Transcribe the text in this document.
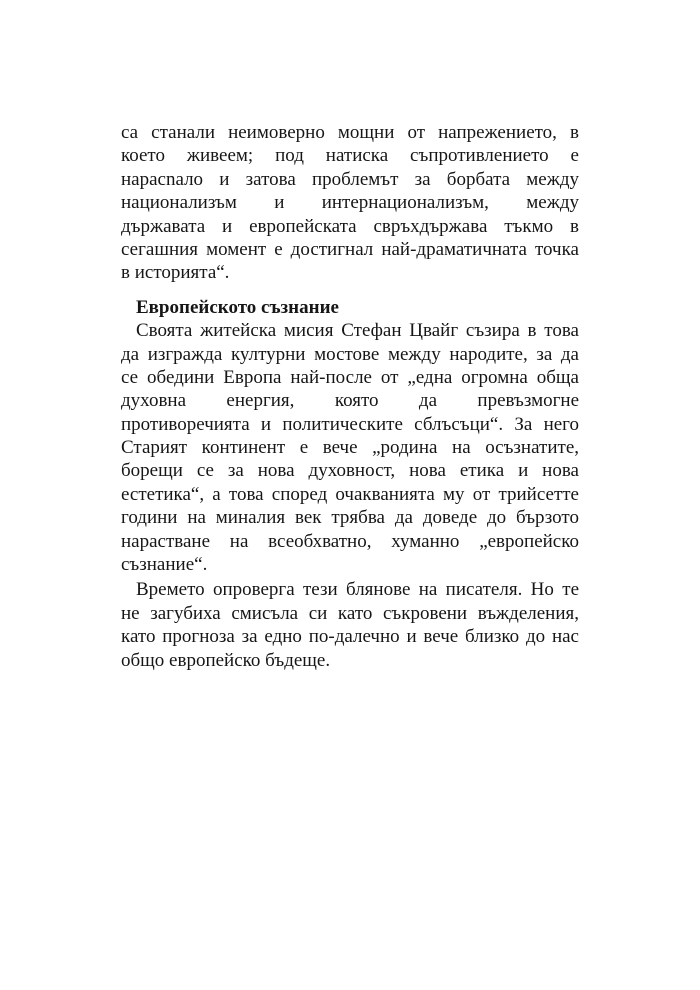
са станали неимоверно мощни от напрежението, в
което живеем; под натиска съпротивлението е
нарасnало и затова проблемът за борбата между
национализъм и интернационализъм, между
държавата и европейската свръхдържава тъкмо в
сегашния момент е достигнал най-драматичната точка
в историята“.
Европейското съзнание
Своята житейска мисия Стефан Цвайг съзира в това
да изгражда културни мостове между народите, за да
се обедини Европа най-после от „една огромна обща
духовна енергия, която да превъзмогне
противоречията и политическите сблъсъци“. За него
Старият континент е вече „родина на осъзнатите,
борещи се за нова духовност, нова етика и нова
естетика“, а това според очакванията му от трийсетте
години на миналия век трябва да доведе до бързото
нарастване на всеобхватно, хуманно „европейско
съзнание“.
Времето опроверга тези блянове на писателя. Но те
не загубиха смисъла си като съкровени въжделения,
като прогноза за едно по-далечно и вече близко до нас
общо европейско бъдеще.
